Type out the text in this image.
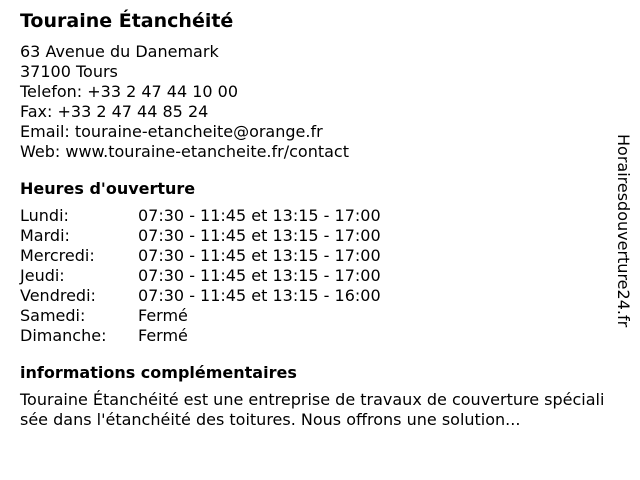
Touraine Étanchéité
63 Avenue du Danemark
37100 Tours
Telefon: +33 2 47 44 10 00
Fax: +33 2 47 44 85 24
Email: touraine-etancheite@orange.fr
Web: www.touraine-etancheite.fr/contact
Heures d'ouverture
Lundi:	07:30 - 11:45 et 13:15 - 17:00
Mardi:	07:30 - 11:45 et 13:15 - 17:00
Mercredi:	07:30 - 11:45 et 13:15 - 17:00
Jeudi:	07:30 - 11:45 et 13:15 - 17:00
Vendredi:	07:30 - 11:45 et 13:15 - 16:00
Samedi:	Fermé
Dimanche:	Fermé
informations complémentaires
Touraine Étanchéité est une entreprise de travaux de couverture spécialisée dans l'étanchéité des toitures. Nous offrons une solution...
Horairesdouverture24.fr
